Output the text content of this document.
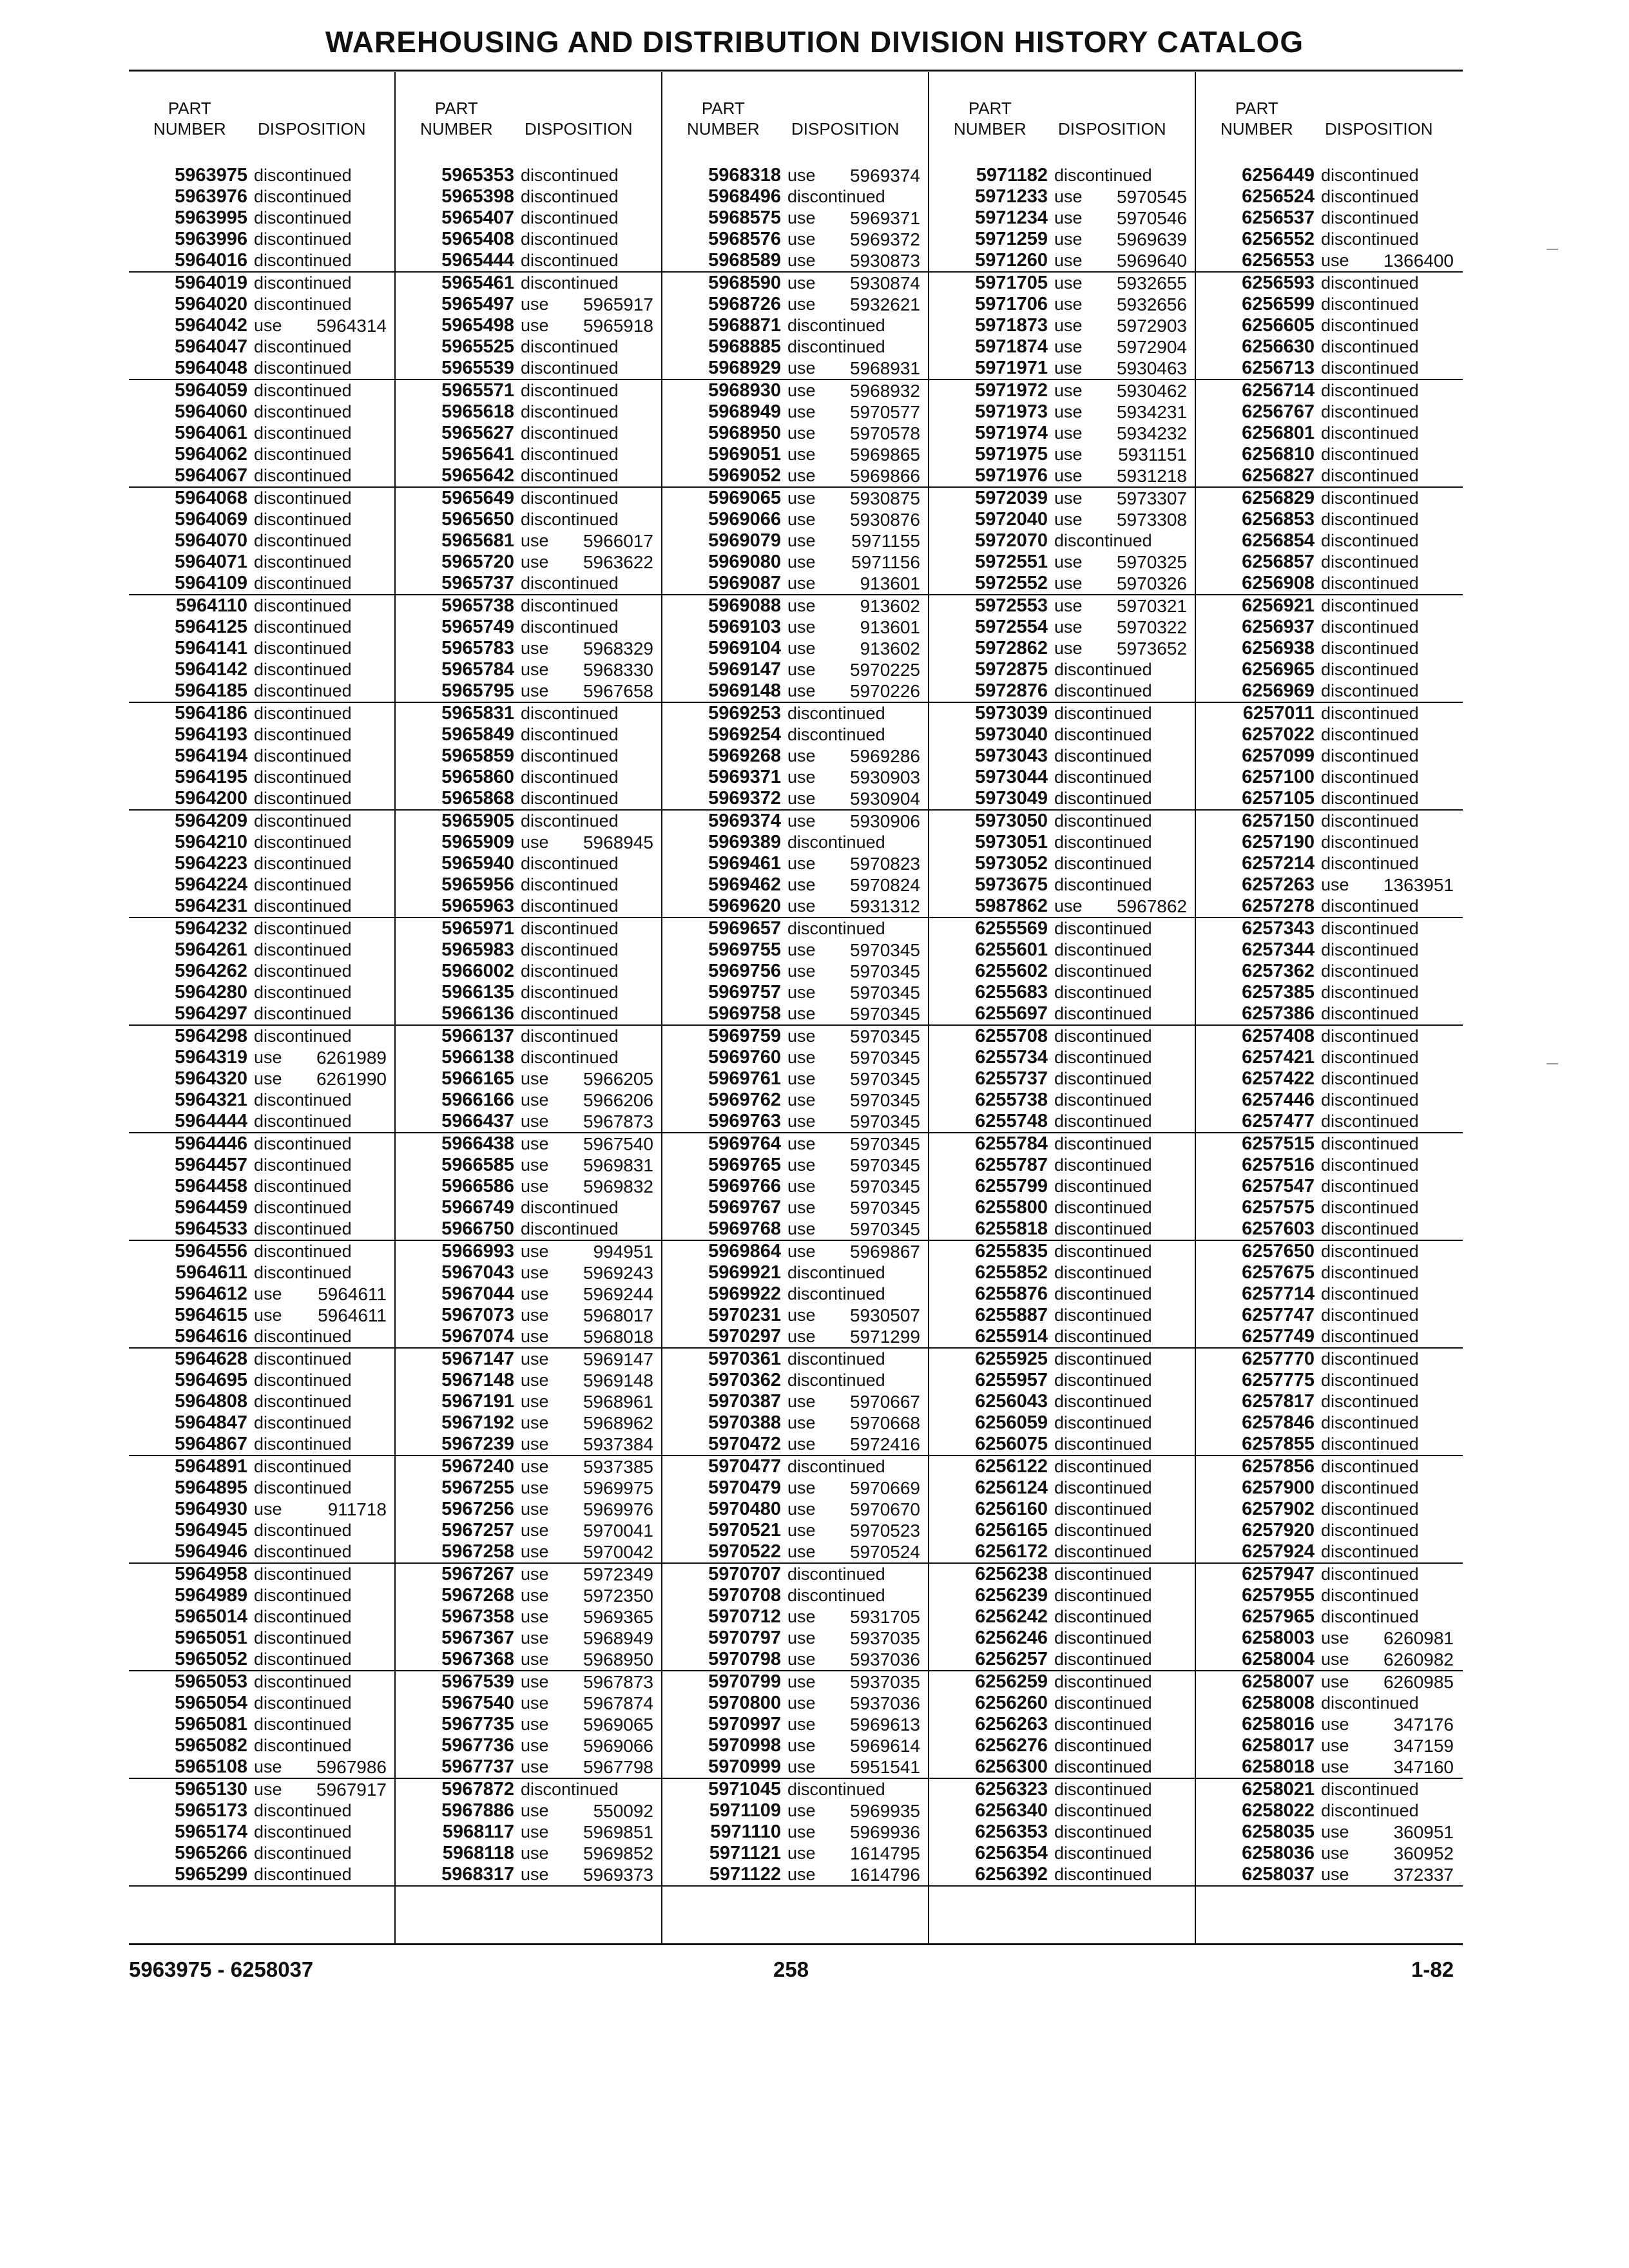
WAREHOUSING AND DISTRIBUTION DIVISION HISTORY CATALOG
PART
NUMBER DISPOSITION
5963975 discontinued
5963976 discontinued
5963995 discontinued
5963996 discontinued
5964016 discontinued
5964019 discontinued
5964020 discontinued
5964042 use 5964314
5964047 discontinued
5964048 discontinued
5964059 discontinued
5964060 discontinued
5964061 discontinued
5964062 discontinued
5964067 discontinued
5964068 discontinued
5964069 discontinued
5964070 discontinued
5964071 discontinued
5964109 discontinued
5964110 discontinued
5964125 discontinued
5964141 discontinued
5964142 discontinued
5964185 discontinued
5964186 discontinued
5964193 discontinued
5964194 discontinued
5964195 discontinued
5964200 discontinued
5964209 discontinued
5964210 discontinued
5964223 discontinued
5964224 discontinued
5964231 discontinued
5964232 discontinued
5964261 discontinued
5964262 discontinued
5964280 discontinued
5964297 discontinued
5964298 discontinued
5964319 use 6261989
5964320 use 6261990
5964321 discontinued
5964444 discontinued
5964446 discontinued
5964457 discontinued
5964458 discontinued
5964459 discontinued
5964533 discontinued
5964556 discontinued
5964611 discontinued
5964612 use 5964611
5964615 use 5964611
5964616 discontinued
5964628 discontinued
5964695 discontinued
5964808 discontinued
5964847 discontinued
5964867 discontinued
5964891 discontinued
5964895 discontinued
5964930 use	911718
5964945 discontinued
5964946 discontinued
5964958 discontinued
5964989 discontinued
5965014 discontinued
5965051 discontinued
5965052 discontinued
5965053 discontinued
5965054 discontinued
5965081 discontinued
5965082 discontinued
5965108 use 5967986
5965130 use 5967917
5965173 discontinued
5965174 discontinued
5965266 discontinued
5965299 discontinued
PART
NUMBER DISPOSITION
5965353 discontinued
5965398 discontinued
5965407 discontinued
5965408 discontinued
5965444 discontinued
5965461 discontinued
5965497 use 5965917
5965498 use 5965918
5965525 discontinued
5965539 discontinued
5965571 discontinued
5965618 discontinued
5965627 discontinued
5965641 discontinued
5965642 discontinued
5965649 discontinued
5965650 discontinued
5965681 use 5966017
5965720 use 5963622
5965737 discontinued
5965738 discontinued
5965749 discontinued
5965783 use 5968329
5965784 use 5968330
5965795 use 5967658
5965831 discontinued
5965849 discontinued
5965859 discontinued
5965860 discontinued
5965868 discontinued
5965905 discontinued
5965909 use 5968945
5965940 discontinued
5965956 discontinued
5965963 discontinued
5965971 discontinued
5965983 discontinued
5966002 discontinued
5966135 discontinued
5966136 discontinued
5966137 discontinued
5966138 discontinued
5966165 use 5966205
5966166 use 5966206
5966437 use 5967873
5966438 use 5967540
5966585 use 5969831
5966586 use 5969832
5966749 discontinued
5966750 discontinued
5966993 use 994951
5967043 use 5969243
5967044 use 5969244
5967073 use 5968017
5967074 use 5968018
5967147 use 5969147
5967148 use 5969148
5967191 use 5968961
5967192 use 5968962
5967239 use 5937384
5967240 use 5937385
5967255 use 5969975
5967256 use 5969976
5967257 use 5970041
5967258 use 5970042
5967267 use 5972349
5967268 use 5972350
5967358 use 5969365
5967367 use 5968949
5967368 use 5968950
5967539 use 5967873
5967540 use 5967874
5967735 use 5969065
5967736 use 5969066
5967737 use 5967798
5967872 discontinued
5967886 use 550092
5968117 use 5969851
5968118 use 5969852
5968317 use 5969373
PART
NUMBER DISPOSITION
5968318 use 5969374
5968496 discontinued
5968575 use 5969371
5968576 use 5969372
5968589 use 5930873
5968590 use 5930874
5968726 use 5932621
5968871 discontinued
5968885 discontinued
5968929 use 5968931
5968930 use 5968932
5968949 use 5970577
5968950 use 5970578
5969051 use 5969865
5969052 use 5969866
5969065 use 5930875
5969066 use 5930876
5969079 use 5971155
5969080 use 5971156
5969087 use 913601
5969088 use 913602
5969103 use 913601
5969104 use 913602
5969147 use 5970225
5969148 use 5970226
5969253 discontinued
5969254 discontinued
5969268 use 5969286
5969371 use 5930903
5969372 use 5930904
5969374 use 5930906
5969389 discontinued
5969461 use 5970823
5969462 use 5970824
5969620 use 5931312
5969657 discontinued
5969755 use 5970345
5969756 use 5970345
5969757 use 5970345
5969758 use 5970345
5969759 use 5970345
5969760 use 5970345
5969761 use 5970345
5969762 use 5970345
5969763 use 5970345
5969764 use 5970345
5969765 use 5970345
5969766 use 5970345
5969767 use 5970345
5969768 use 5970345
5969864 use 5969867
5969921 discontinued
5969922 discontinued
5970231 use 5930507
5970297 use 5971299
5970361 discontinued
5970362 discontinued
5970387 use 5970667
5970388 use 5970668
5970472 use 5972416
5970477 discontinued
5970479 use 5970669
5970480 use 5970670
5970521 use 5970523
5970522 use 5970524
5970707 discontinued
5970708 discontinued
5970712 use 5931705
5970797 use 5937035
5970798 use 5937036
5970799 use 5937035
5970800 use 5937036
5970997 use 5969613
5970998 use 5969614
5970999 use 5951541
5971045 discontinued
5971109 use 5969935
5971110 use 5969936
5971121 use 1614795
5971122 use 1614796
PART
NUMBER DISPOSITION
5971182 discontinued
5971233 use 5970545
5971234 use 5970546
5971259 use 5969639
5971260 use 5969640
5971705 use 5932655
5971706 use 5932656
5971873 use 5972903
5971874 use 5972904
5971971 use 5930463
5971972 use 5930462
5971973 use 5934231
5971974 use 5934232
5971975 use 5931151
5971976 use 5931218
5972039 use 5973307
5972040 use 5973308
5972070 discontinued
5972551 use 5970325
5972552 use 5970326
5972553 use 5970321
5972554 use 5970322
5972862 use 5973652
5972875 discontinued
5972876 discontinued
5973039 discontinued
5973040 discontinued
5973043 discontinued
5973044 discontinued
5973049 discontinued
5973050 discontinued
5973051 discontinued
5973052 discontinued
5973675 discontinued
5987862 use 5967862
6255569 discontinued
6255601 discontinued
6255602 discontinued
6255683 discontinued
6255697 discontinued
6255708 discontinued
6255734 discontinued
6255737 discontinued
6255738 discontinued
6255748 discontinued
6255784 discontinued
6255787 discontinued
6255799 discontinued
6255800 discontinued
6255818 discontinued
6255835 discontinued
6255852 discontinued
6255876 discontinued
6255887 discontinued
6255914 discontinued
6255925 discontinued
6255957 discontinued
6256043 discontinued
6256059 discontinued
6256075 discontinued
6256122 discontinued
6256124 discontinued
6256160 discontinued
6256165 discontinued
6256172 discontinued
6256238 discontinued
6256239 discontinued
6256242 discontinued
6256246 discontinued
6256257 discontinued
6256259 discontinued
6256260 discontinued
6256263 discontinued
6256276 discontinued
6256300 discontinued
6256323 discontinued
6256340 discontinued
6256353 discontinued
6256354 discontinued
6256392 discontinued
PART
NUMBER DISPOSITION
6256449 discontinued
6256524 discontinued
6256537 discontinued
6256552 discontinued
6256553 use 1366400
6256593 discontinued
6256599 discontinued
6256605 discontinued
6256630 discontinued
6256713 discontinued
6256714 discontinued
6256767 discontinued
6256801 discontinued
6256810 discontinued
6256827 discontinued
6256829 discontinued
6256853 discontinued
6256854 discontinued
6256857 discontinued
6256908 discontinued
6256921 discontinued
6256937 discontinued
6256938 discontinued
6256965 discontinued
6256969 discontinued
6257011 discontinued
6257022 discontinued
6257099 discontinued
6257100 discontinued
6257105 discontinued
6257150 discontinued
6257190 discontinued
6257214 discontinued
6257263 use 1363951
6257278 discontinued
6257343 discontinued
6257344 discontinued
6257362 discontinued
6257385 discontinued
6257386 discontinued
6257408 discontinued
6257421 discontinued
6257422 discontinued
6257446 discontinued
6257477 discontinued
6257515 discontinued
6257516 discontinued
6257547 discontinued
6257575 discontinued
6257603 discontinued
6257650 discontinued
6257675 discontinued
6257714 discontinued
6257747 discontinued
6257749 discontinued
6257770 discontinued
6257775 discontinued
6257817 discontinued
6257846 discontinued
6257855 discontinued
6257856 discontinued
6257900 discontinued
6257902 discontinued
6257920 discontinued
6257924 discontinued
6257947 discontinued
6257955 discontinued
6257965 discontinued
6258003 use 6260981
6258004 use 6260982
6258007 use 6260985
6258008 discontinued
6258016 use 347176
6258017 use 347159
6258018 use 347160
6258021 discontinued
6258022 discontinued
6258035 use 360951
6258036 use 360952
6258037 use 372337
5963975 - 6258037	258	1-82
